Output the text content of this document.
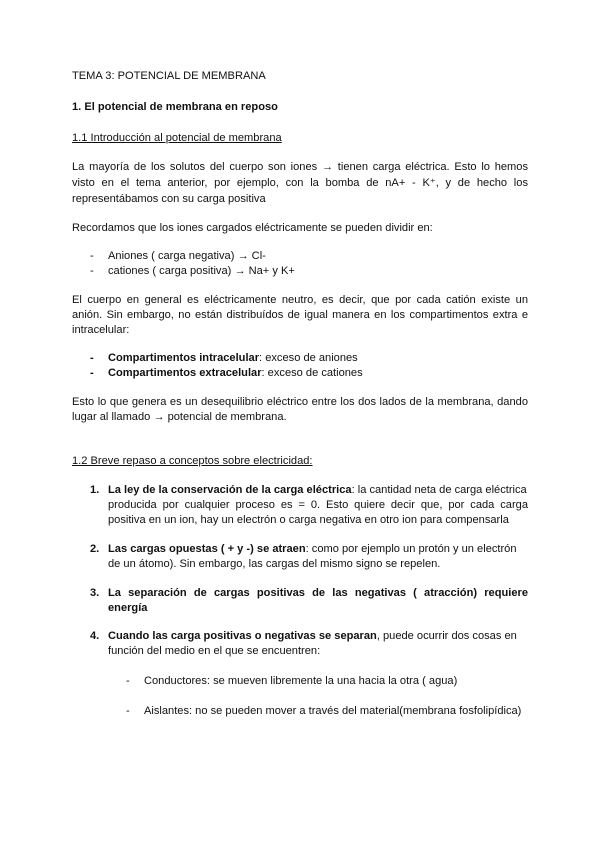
TEMA 3: POTENCIAL DE MEMBRANA

1. El potencial de membrana en reposo

1.1 Introducción al potencial de membrana

La mayoría de los solutos del cuerpo son iones → tienen carga eléctrica. Esto lo hemos

visto en el tema anterior, por ejemplo, con la bomba de nA+ - K⁺, y de hecho los

representábamos con su carga positiva

Recordamos que los iones cargados eléctricamente se pueden dividir en:

- Aniones ( carga negativa) → Cl-

- cationes ( carga positiva) → Na+ y K+

El cuerpo en general es eléctricamente neutro, es decir, que por cada catión existe un

anión. Sin embargo, no están distribuídos de igual manera en los compartimentos extra e

intracelular:

- Compartimentos intracelular: exceso de aniones

- Compartimentos extracelular: exceso de cationes

Esto lo que genera es un desequilibrio eléctrico entre los dos lados de la membrana, dando

lugar al llamado → potencial de membrana.

1.2 Breve repaso a conceptos sobre electricidad:

1. La ley de la conservación de la carga eléctrica: la cantidad neta de carga eléctrica

producida por cualquier proceso es = 0. Esto quiere decir que, por cada carga

positiva en un ion, hay un electrón o carga negativa en otro ion para compensarla

2. Las cargas opuestas ( + y -) se atraen: como por ejemplo un protón y un electrón

de un átomo). Sin embargo, las cargas del mismo signo se repelen.

3. La separación de cargas positivas de las negativas ( atracción) requiere

energía

4. Cuando las carga positivas o negativas se separan, puede ocurrir dos cosas en

función del medio en el que se encuentren:

- Conductores: se mueven libremente la una hacia la otra ( agua)

- Aislantes: no se pueden mover a través del material(membrana fosfolipídica)
